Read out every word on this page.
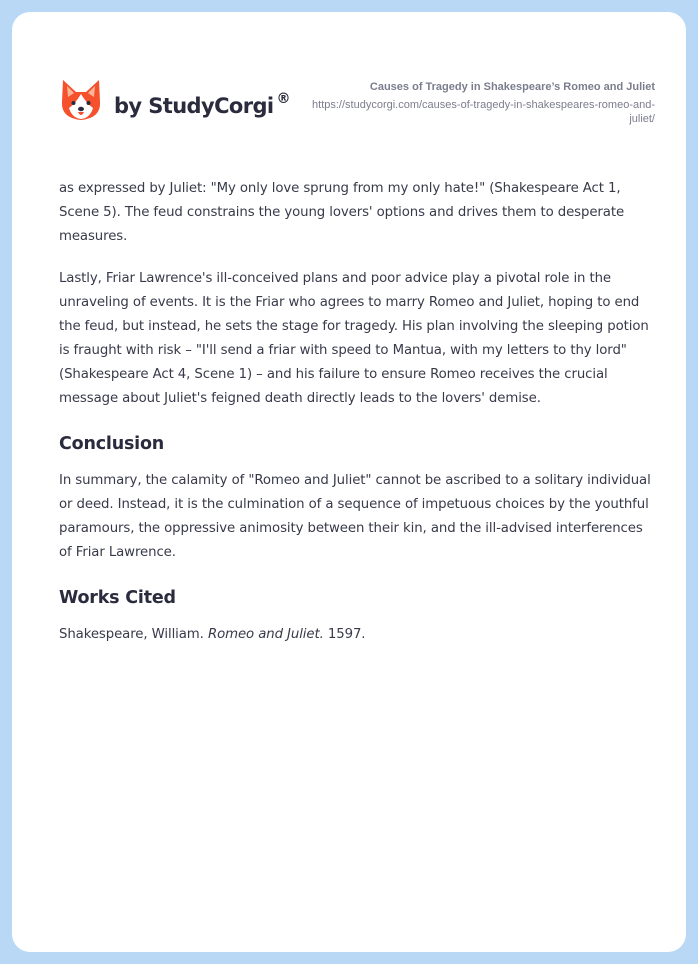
by StudyCorgi ®
Causes of Tragedy in Shakespeare’s Romeo and Juliet
https://studycorgi.com/causes-of-tragedy-in-shakespeares-romeo-and-juliet/

as expressed by Juliet: "My only love sprung from my only hate!" (Shakespeare Act 1, Scene 5). The feud constrains the young lovers' options and drives them to desperate measures.

Lastly, Friar Lawrence's ill-conceived plans and poor advice play a pivotal role in the unraveling of events. It is the Friar who agrees to marry Romeo and Juliet, hoping to end the feud, but instead, he sets the stage for tragedy. His plan involving the sleeping potion is fraught with risk – "I'll send a friar with speed to Mantua, with my letters to thy lord" (Shakespeare Act 4, Scene 1) – and his failure to ensure Romeo receives the crucial message about Juliet's feigned death directly leads to the lovers' demise.

Conclusion

In summary, the calamity of "Romeo and Juliet" cannot be ascribed to a solitary individual or deed. Instead, it is the culmination of a sequence of impetuous choices by the youthful paramours, the oppressive animosity between their kin, and the ill-advised interferences of Friar Lawrence.

Works Cited

Shakespeare, William. Romeo and Juliet. 1597.
